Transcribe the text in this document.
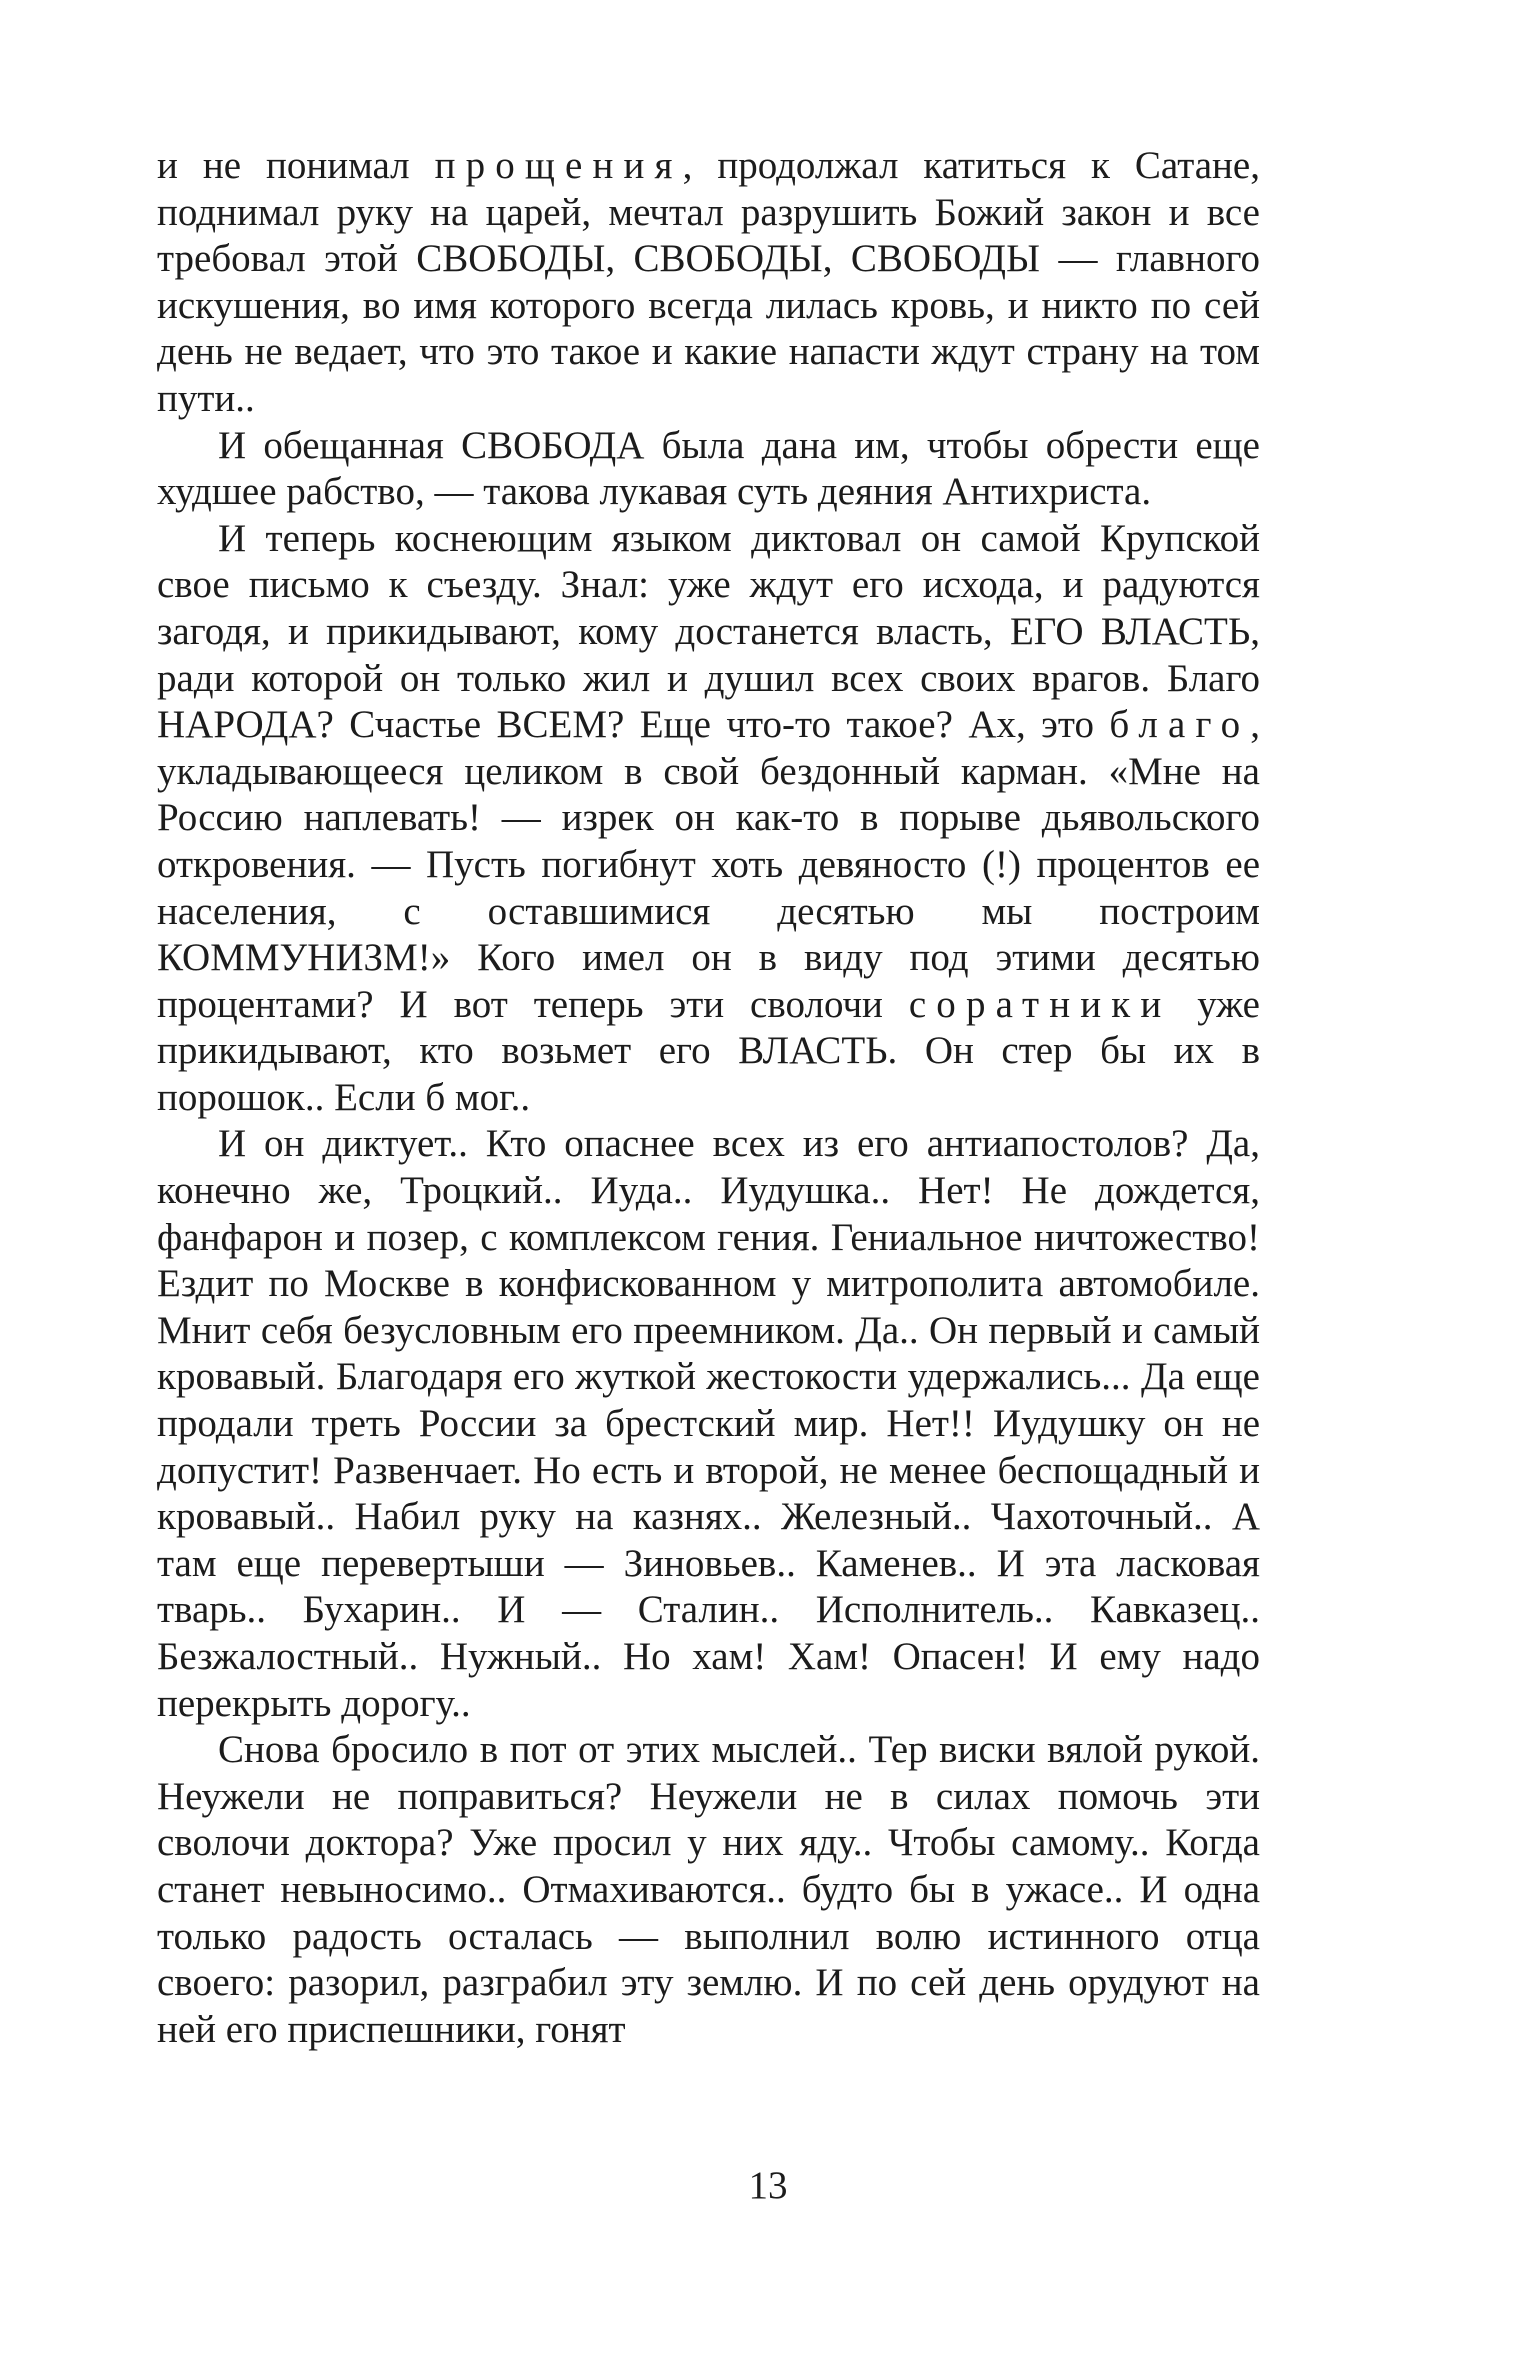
и не понимал прощения, продолжал катиться к Сатане, поднимал руку на царей, мечтал разрушить Божий закон и все требовал этой СВОБОДЫ, СВОБОДЫ, СВОБОДЫ — главного искушения, во имя которого всегда лилась кровь, и никто по сей день не ведает, что это такое и какие напасти ждут страну на том пути..

И обещанная СВОБОДА была дана им, чтобы обрести еще худшее рабство, — такова лукавая суть деяния Антихриста.

И теперь коснеющим языком диктовал он самой Крупской свое письмо к съезду. Знал: уже ждут его исхода, и радуются загодя, и прикидывают, кому достанется власть, ЕГО ВЛАСТЬ, ради которой он только жил и душил всех своих врагов. Благо НАРОДА? Счастье ВСЕМ? Еще что-то такое? Ах, это благо, укладывающееся целиком в свой бездонный карман. «Мне на Россию наплевать! — изрек он как-то в порыве дьявольского откровения. — Пусть погибнут хоть девяносто (!) процентов ее населения, с оставшимися десятью мы построим КОММУНИЗМ!» Кого имел он в виду под этими десятью процентами? И вот теперь эти сволочи соратники уже прикидывают, кто возьмет его ВЛАСТЬ. Он стер бы их в порошок.. Если б мог..

И он диктует.. Кто опаснее всех из его антиапостолов? Да, конечно же, Троцкий.. Иуда.. Иудушка.. Нет! Не дождется, фанфарон и позер, с комплексом гения. Гениальное ничтожество! Ездит по Москве в конфискованном у митрополита автомобиле. Мнит себя безусловным его преемником. Да.. Он первый и самый кровавый. Благодаря его жуткой жестокости удержались... Да еще продали треть России за брестский мир. Нет!! Иудушку он не допустит! Развенчает. Но есть и второй, не менее беспощадный и кровавый.. Набил руку на казнях.. Железный.. Чахоточный.. А там еще перевертыши — Зиновьев.. Каменев.. И эта ласковая тварь.. Бухарин.. И — Сталин.. Исполнитель.. Кавказец.. Безжалостный.. Нужный.. Но хам! Хам! Опасен! И ему надо перекрыть дорогу..

Снова бросило в пот от этих мыслей.. Тер виски вялой рукой. Неужели не поправиться? Неужели не в силах помочь эти сволочи доктора? Уже просил у них яду.. Чтобы самому.. Когда станет невыносимо.. Отмахиваются.. будто бы в ужасе.. И одна только радость осталась — выполнил волю истинного отца своего: разорил, разграбил эту землю. И по сей день орудуют на ней его приспешники, гонят

13
